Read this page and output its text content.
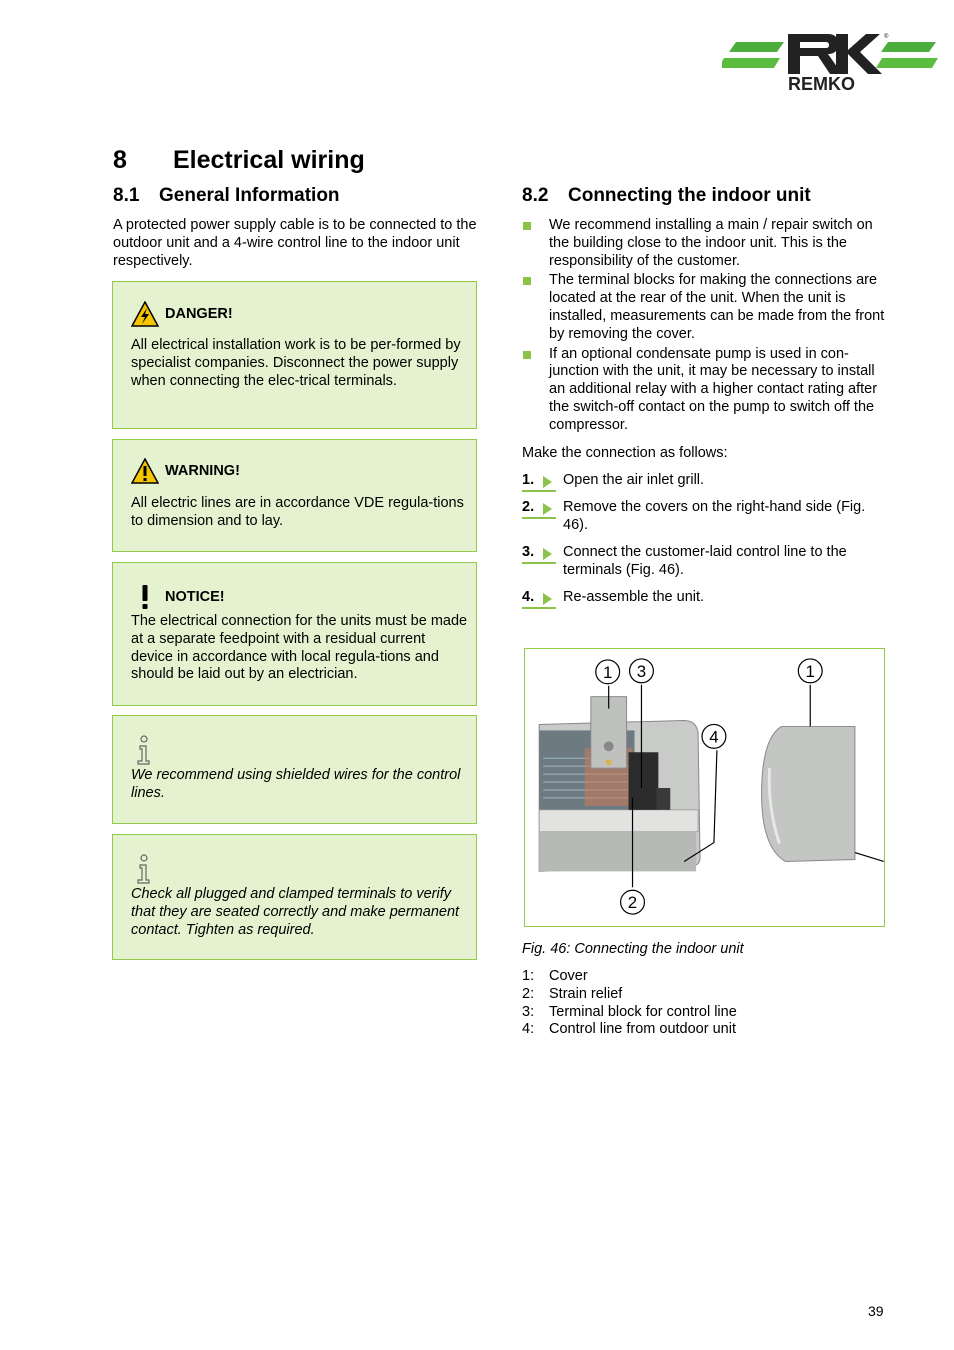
REMKO
®
8 Electrical wiring
8.1 General Information

A protected power supply cable is to be connected to the outdoor unit and a 4-wire control line to the indoor unit respectively.

DANGER!

All electrical installation work is to be per-formed by specialist companies. Disconnect the power supply when connecting the elec-trical terminals.

WARNING!

All electric lines are in accordance VDE regula-tions to dimension and to lay.

NOTICE!

The electrical connection for the units must be made at a separate feedpoint with a residual current device in accordance with local regula-tions and should be laid out by an electrician.

We recommend using shielded wires for the control lines.

Check all plugged and clamped terminals to verify that they are seated correctly and make permanent contact. Tighten as required.

8.2 Connecting the indoor unit
We recommend installing a main / repair switch on the building close to the indoor unit. This is the responsibility of the customer.
The terminal blocks for making the connections are located at the rear of the unit. When the unit is installed, measurements can be made from the front by removing the cover.
If an optional condensate pump is used in con-junction with the unit, it may be necessary to install an additional relay with a higher contact rating after the switch-off contact on the pump to switch off the compressor.

Make the connection as follows:

1.	Open the air inlet grill.
2.	Remove the covers on the right-hand side (Fig. 46).
3.	Connect the customer-laid control line to the terminals (Fig. 46).
4.	Re-assemble the unit.
1 3	1
4
2

Fig. 46: Connecting the indoor unit

1: Cover
2: Strain relief
3: Terminal block for control line
4: Control line from outdoor unit
39
